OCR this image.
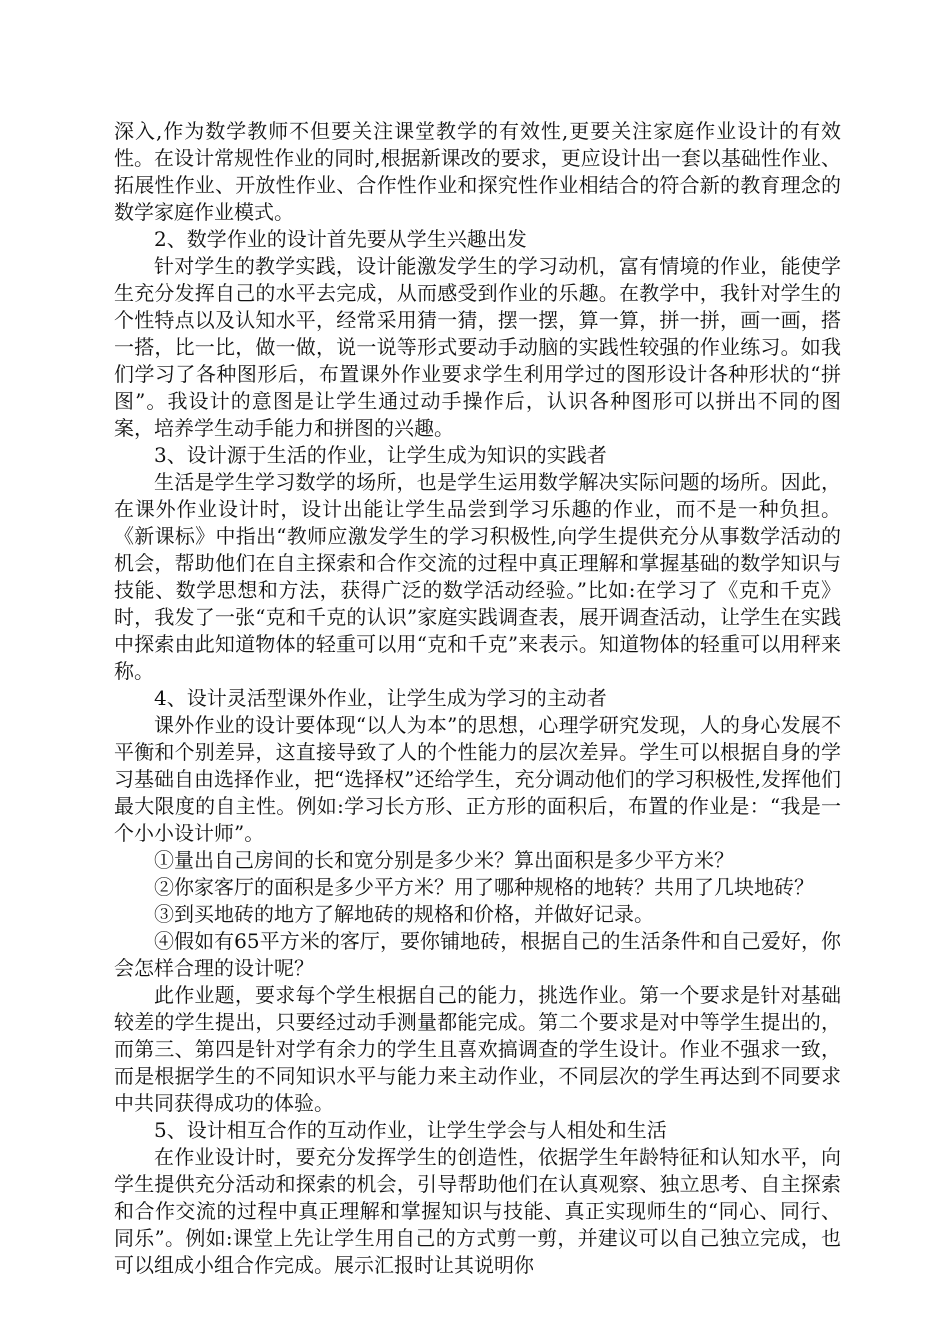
深入,作为数学教师不但要关注课堂教学的有效性,更要关注家庭作业设计的有效性。在设计常规性作业的同时,根据新课改的要求，更应设计出一套以基础性作业、拓展性作业、开放性作业、合作性作业和探究性作业相结合的符合新的教育理念的数学家庭作业模式。

2、数学作业的设计首先要从学生兴趣出发

针对学生的教学实践，设计能激发学生的学习动机，富有情境的作业，能使学生充分发挥自己的水平去完成，从而感受到作业的乐趣。在教学中，我针对学生的个性特点以及认知水平，经常采用猜一猜，摆一摆，算一算，拼一拼，画一画，搭一搭，比一比，做一做，说一说等形式要动手动脑的实践性较强的作业练习。如我们学习了各种图形后，布置课外作业要求学生利用学过的图形设计各种形状的“拼图”。我设计的意图是让学生通过动手操作后，认识各种图形可以拼出不同的图案，培养学生动手能力和拼图的兴趣。

3、设计源于生活的作业，让学生成为知识的实践者

生活是学生学习数学的场所，也是学生运用数学解决实际问题的场所。因此，在课外作业设计时，设计出能让学生品尝到学习乐趣的作业，而不是一种负担。《新课标》中指出“教师应激发学生的学习积极性,向学生提供充分从事数学活动的机会，帮助他们在自主探索和合作交流的过程中真正理解和掌握基础的数学知识与技能、数学思想和方法，获得广泛的数学活动经验。”比如:在学习了《克和千克》时，我发了一张“克和千克的认识”家庭实践调查表，展开调查活动，让学生在实践中探索由此知道物体的轻重可以用“克和千克”来表示。知道物体的轻重可以用秤来称。

4、设计灵活型课外作业，让学生成为学习的主动者

课外作业的设计要体现“以人为本”的思想，心理学研究发现，人的身心发展不平衡和个别差异，这直接导致了人的个性能力的层次差异。学生可以根据自身的学习基础自由选择作业，把“选择权”还给学生，充分调动他们的学习积极性,发挥他们最大限度的自主性。例如:学习长方形、正方形的面积后，布置的作业是：“我是一个小小设计师”。

①量出自己房间的长和宽分别是多少米？算出面积是多少平方米？

②你家客厅的面积是多少平方米？用了哪种规格的地转？共用了几块地砖？

③到买地砖的地方了解地砖的规格和价格，并做好记录。

④假如有65平方米的客厅，要你铺地砖，根据自己的生活条件和自己爱好，你会怎样合理的设计呢？

此作业题，要求每个学生根据自己的能力，挑选作业。第一个要求是针对基础较差的学生提出，只要经过动手测量都能完成。第二个要求是对中等学生提出的，而第三、第四是针对学有余力的学生且喜欢搞调查的学生设计。作业不强求一致，而是根据学生的不同知识水平与能力来主动作业，不同层次的学生再达到不同要求中共同获得成功的体验。

5、设计相互合作的互动作业，让学生学会与人相处和生活

在作业设计时，要充分发挥学生的创造性，依据学生年龄特征和认知水平，向学生提供充分活动和探索的机会，引导帮助他们在认真观察、独立思考、自主探索和合作交流的过程中真正理解和掌握知识与技能、真正实现师生的“同心、同行、同乐”。例如:课堂上先让学生用自己的方式剪一剪，并建议可以自己独立完成，也可以组成小组合作完成。展示汇报时让其说明你
